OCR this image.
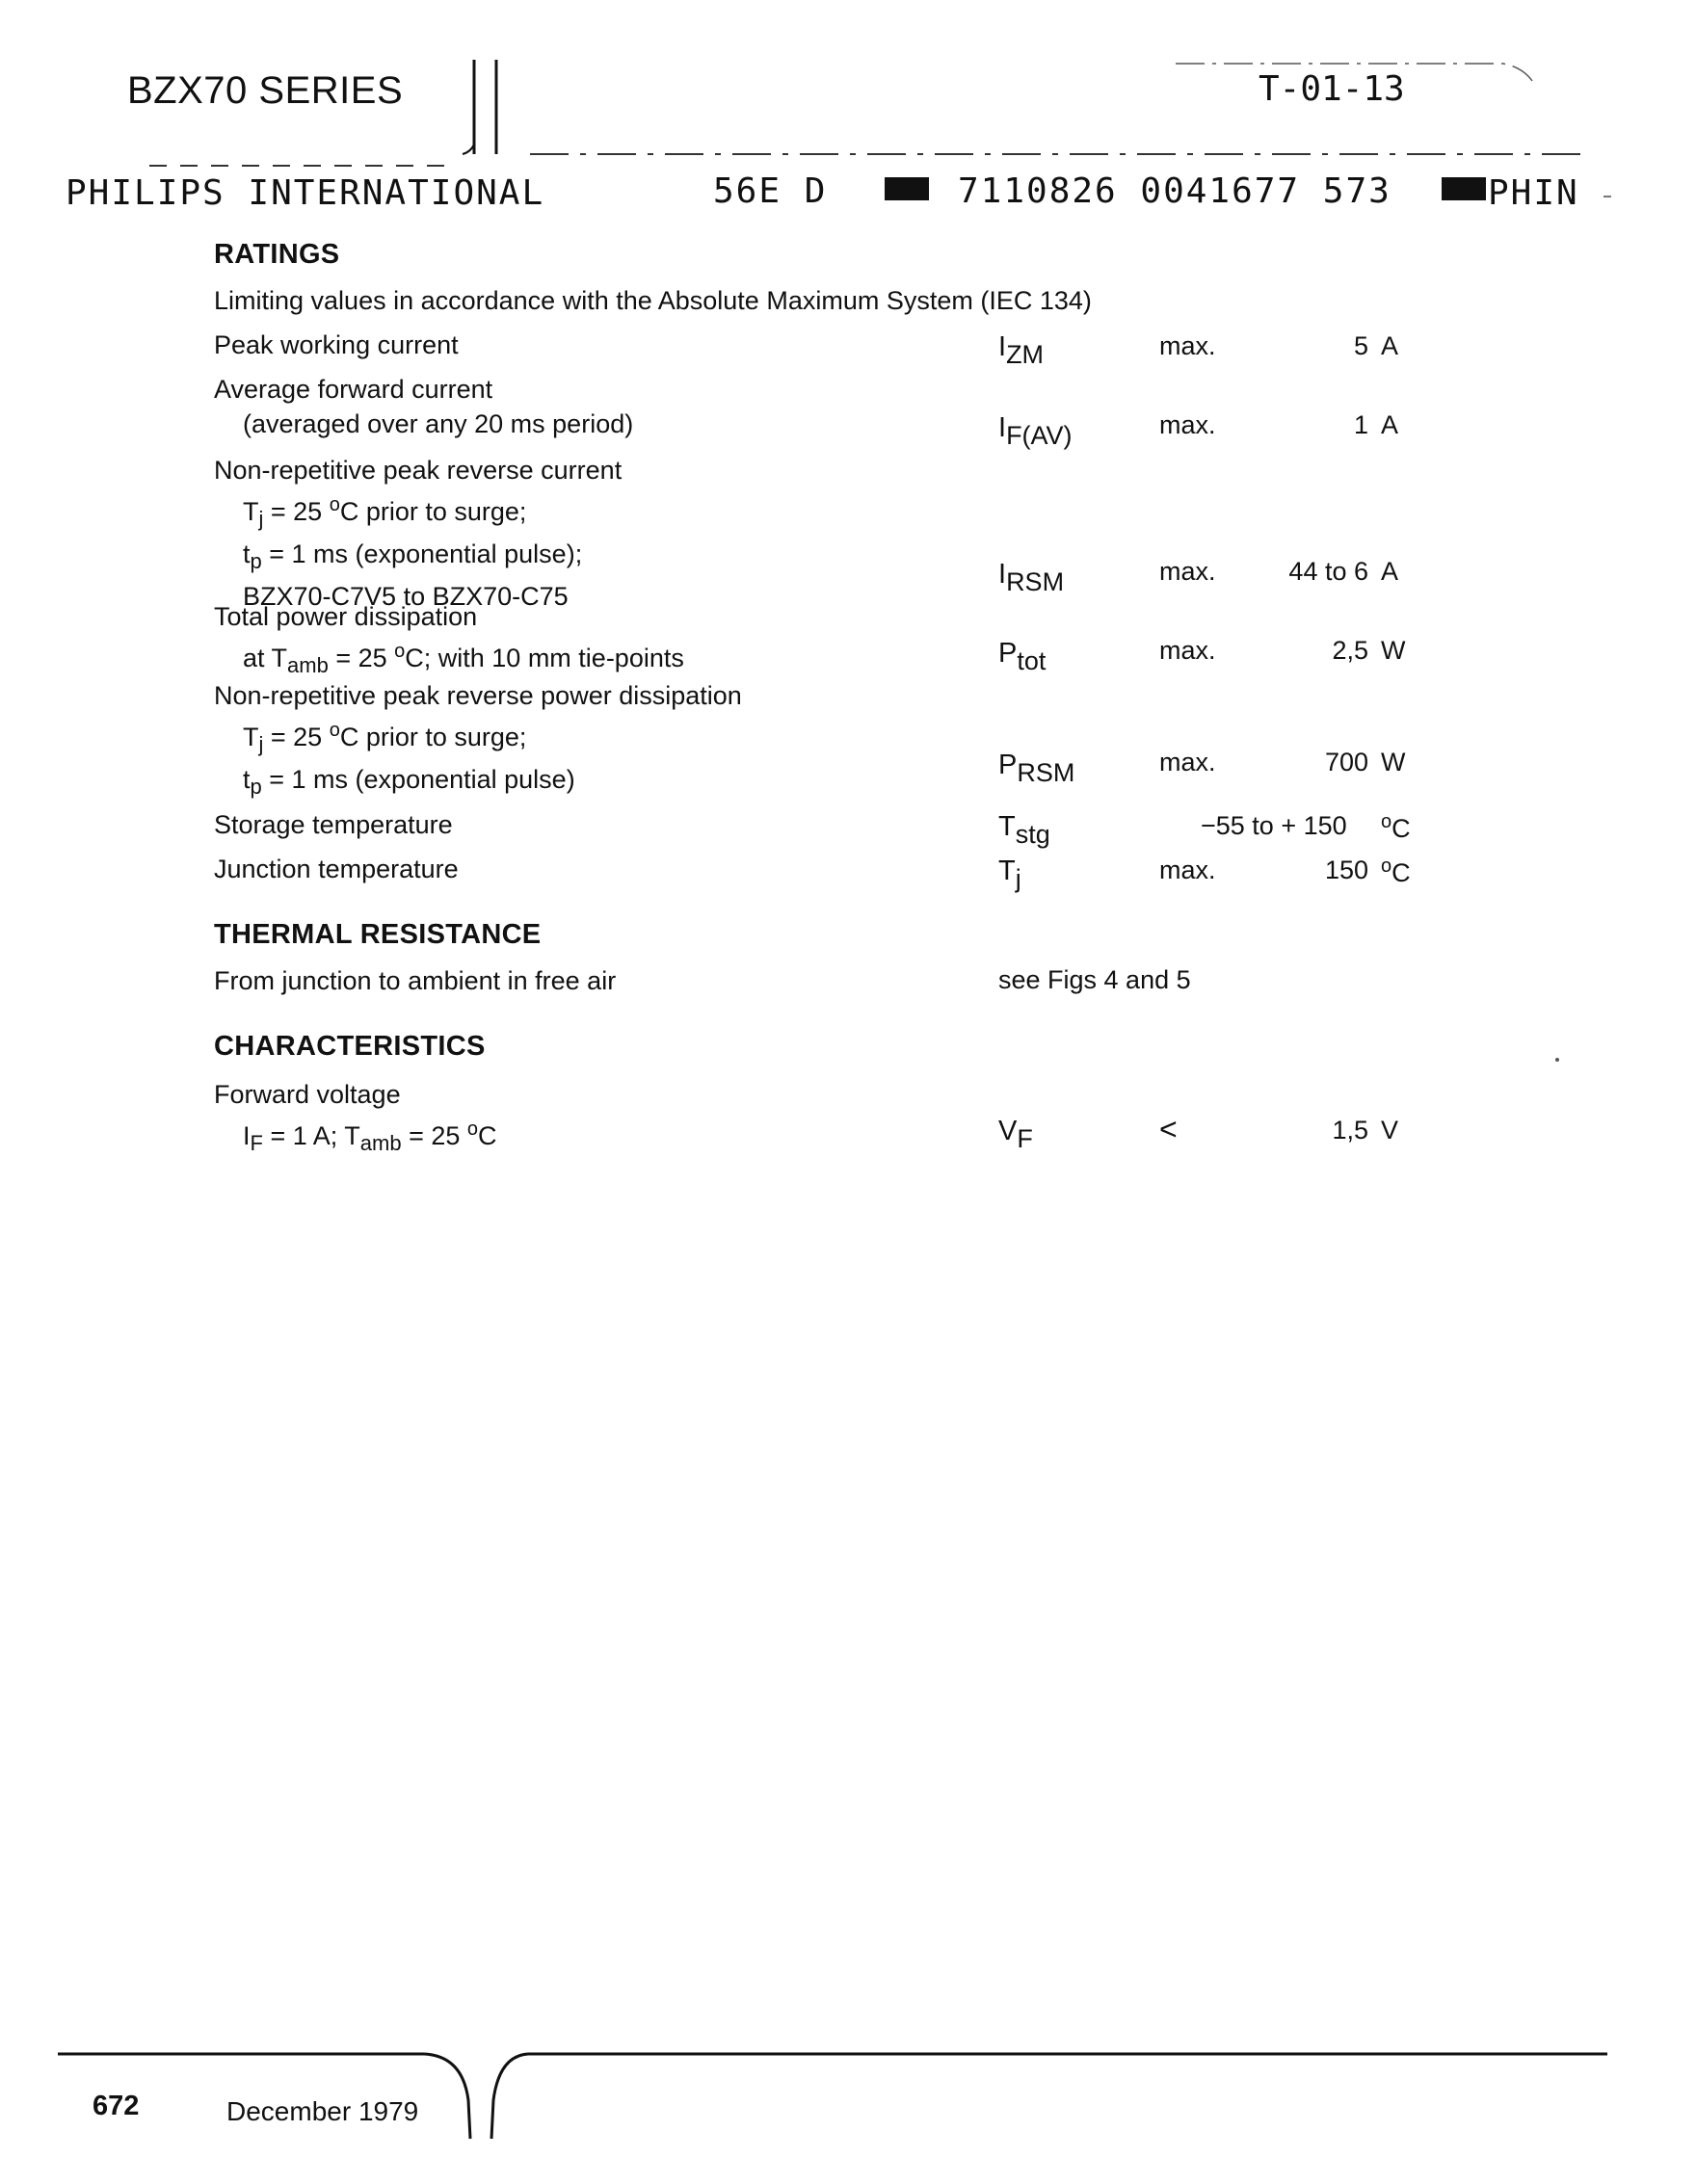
BZX70 SERIES	T-01-13
PHILIPS INTERNATIONAL	56E D	7110826 0041677 573	PHIN
RATINGS
Limiting values in accordance with the Absolute Maximum System (IEC 134)
Peak working current	$I_{ZM}$	max.	5 A
Average forward current
(averaged over any 20 ms period)	$I_{F(AV)}$	max.	1 A
Non-repetitive peak reverse current
$T_j = 25$ $^o$C prior to surge;
$t_p = 1$ ms (exponential pulse);
BZX70-C7V5 to BZX70-C75
$I_{RSM}$	max.	44 to 6 A
Total power dissipation
at $T_{amb} = 25$ $^o$C; with 10 mm tie-points	$P_{tot}$	max.	2,5 W
Non-repetitive peak reverse power dissipation
$T_j = 25$ $^o$C prior to surge;
$t_p = 1$ ms (exponential pulse)	$P_{RSM}$	max.	700 W
Storage temperature	$T_{stg}$	−55 to + 150 $^o$C
Junction temperature	$T_j$	max.	150 $^o$C
THERMAL RESISTANCE
From junction to ambient in free air	see Figs 4 and 5
CHARACTERISTICS
Forward voltage
$I_F = 1$ A; $T_{amb} = 25$ $^o$C	$V_F$	<	1,5 V
672	December 1979
